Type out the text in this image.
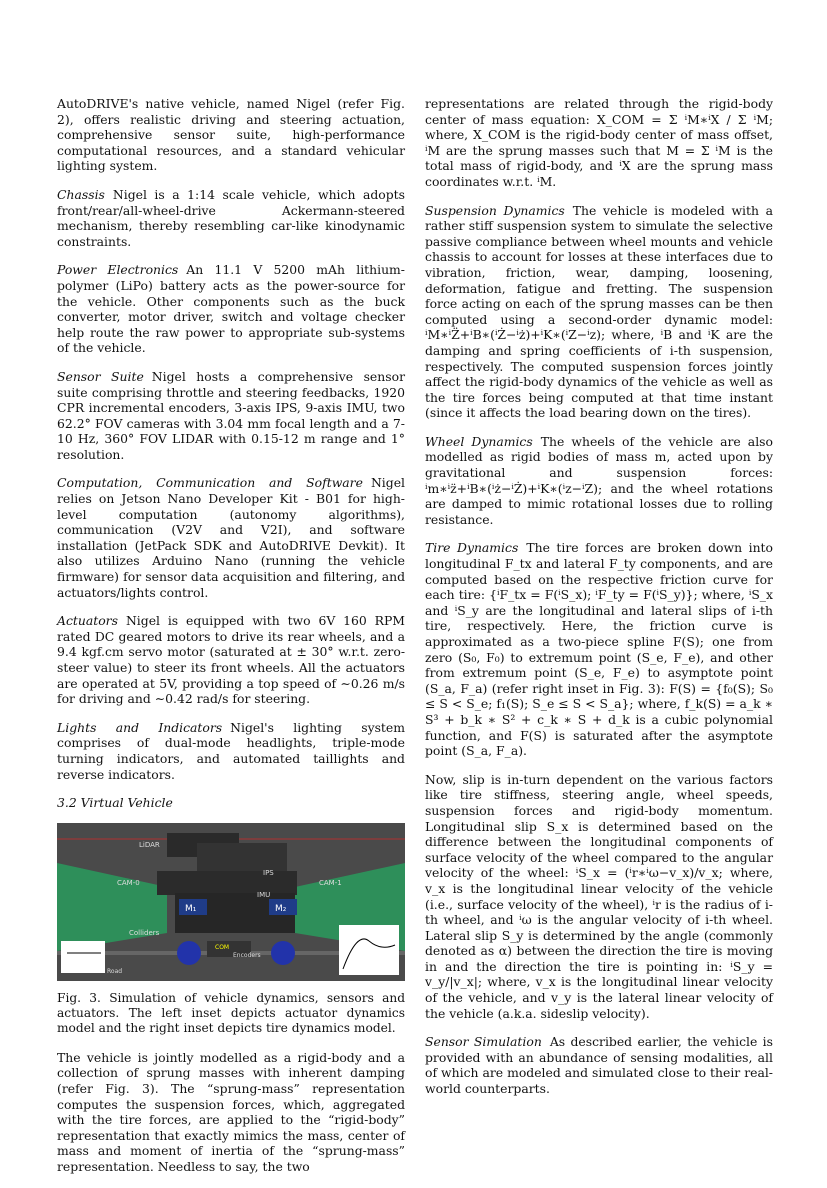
AutoDRIVE's native vehicle, named Nigel (refer Fig. 2), offers realistic driving and steering actuation, comprehensive sensor suite, high-performance computational resources, and a standard vehicular lighting system.

Chassis Nigel is a 1:14 scale vehicle, which adopts front/rear/all-wheel-drive Ackermann-steered mechanism, thereby resembling car-like kinodynamic constraints.

Power Electronics An 11.1 V 5200 mAh lithium-polymer (LiPo) battery acts as the power-source for the vehicle. Other components such as the buck converter, motor driver, switch and voltage checker help route the raw power to appropriate sub-systems of the vehicle.

Sensor Suite Nigel hosts a comprehensive sensor suite comprising throttle and steering feedbacks, 1920 CPR incremental encoders, 3-axis IPS, 9-axis IMU, two 62.2° FOV cameras with 3.04 mm focal length and a 7-10 Hz, 360° FOV LIDAR with 0.15-12 m range and 1° resolution.

Computation, Communication and Software Nigel relies on Jetson Nano Developer Kit - B01 for high-level computation (autonomy algorithms), communication (V2V and V2I), and software installation (JetPack SDK and AutoDRIVE Devkit). It also utilizes Arduino Nano (running the vehicle firmware) for sensor data acquisition and filtering, and actuators/lights control.

Actuators Nigel is equipped with two 6V 160 RPM rated DC geared motors to drive its rear wheels, and a 9.4 kgf.cm servo motor (saturated at ± 30° w.r.t. zero-steer value) to steer its front wheels. All the actuators are operated at 5V, providing a top speed of ∼0.26 m/s for driving and ∼0.42 rad/s for steering.

Lights and Indicators Nigel's lighting system comprises of dual-mode headlights, triple-mode turning indicators, and automated taillights and reverse indicators.

3.2 Virtual Vehicle
LiDAR
IPS
IMU
CAM-0	CAM-1
Colliders
M₁	M₂
COM
Encoders
Road
Fig. 3. Simulation of vehicle dynamics, sensors and actuators. The left inset depicts actuator dynamics model and the right inset depicts tire dynamics model.

The vehicle is jointly modelled as a rigid-body and a collection of sprung masses with inherent damping (refer Fig. 3). The “sprung-mass” representation computes the suspension forces, which, aggregated with the tire forces, are applied to the “rigid-body” representation that exactly mimics the mass, center of mass and moment of inertia of the “sprung-mass” representation. Needless to say, the two

representations are related through the rigid-body center of mass equation: X_COM = Σ ⁱM∗ⁱX / Σ ⁱM; where, X_COM is the rigid-body center of mass offset, ⁱM are the sprung masses such that M = Σ ⁱM is the total mass of rigid-body, and ⁱX are the sprung mass coordinates w.r.t. ⁱM.

Suspension Dynamics The vehicle is modeled with a rather stiff suspension system to simulate the selective passive compliance between wheel mounts and vehicle chassis to account for losses at these interfaces due to vibration, friction, wear, damping, loosening, deformation, fatigue and fretting. The suspension force acting on each of the sprung masses can be then computed using a second-order dynamic model: ⁱM∗ⁱZ̈+ⁱB∗(ⁱŻ−ⁱż)+ⁱK∗(ⁱZ−ⁱz); where, ⁱB and ⁱK are the damping and spring coefficients of i-th suspension, respectively. The computed suspension forces jointly affect the rigid-body dynamics of the vehicle as well as the tire forces being computed at that time instant (since it affects the load bearing down on the tires).

Wheel Dynamics The wheels of the vehicle are also modelled as rigid bodies of mass m, acted upon by gravitational and suspension forces: ⁱm∗ⁱz̈+ⁱB∗(ⁱż−ⁱŻ)+ⁱK∗(ⁱz−ⁱZ); and the wheel rotations are damped to mimic rotational losses due to rolling resistance.

Tire Dynamics The tire forces are broken down into longitudinal F_tx and lateral F_ty components, and are computed based on the respective friction curve for each tire: {ⁱF_tx = F(ⁱS_x); ⁱF_ty = F(ⁱS_y)}; where, ⁱS_x and ⁱS_y are the longitudinal and lateral slips of i-th tire, respectively. Here, the friction curve is approximated as a two-piece spline F(S); one from zero (S₀, F₀) to extremum point (S_e, F_e), and other from extremum point (S_e, F_e) to asymptote point (S_a, F_a) (refer right inset in Fig. 3): F(S) = {f₀(S); S₀ ≤ S < S_e; f₁(S); S_e ≤ S < S_a}; where, f_k(S) = a_k ∗ S³ + b_k ∗ S² + c_k ∗ S + d_k is a cubic polynomial function, and F(S) is saturated after the asymptote point (S_a, F_a).

Now, slip is in-turn dependent on the various factors like tire stiffness, steering angle, wheel speeds, suspension forces and rigid-body momentum. Longitudinal slip S_x is determined based on the difference between the longitudinal components of surface velocity of the wheel compared to the angular velocity of the wheel: ⁱS_x = (ⁱr∗ⁱω−v_x)/v_x; where, v_x is the longitudinal linear velocity of the vehicle (i.e., surface velocity of the wheel), ⁱr is the radius of i-th wheel, and ⁱω is the angular velocity of i-th wheel. Lateral slip S_y is determined by the angle (commonly denoted as α) between the direction the tire is moving in and the direction the tire is pointing in: ⁱS_y = v_y/|v_x|; where, v_x is the longitudinal linear velocity of the vehicle, and v_y is the lateral linear velocity of the vehicle (a.k.a. sideslip velocity).

Sensor Simulation As described earlier, the vehicle is provided with an abundance of sensing modalities, all of which are modeled and simulated close to their real-world counterparts.
